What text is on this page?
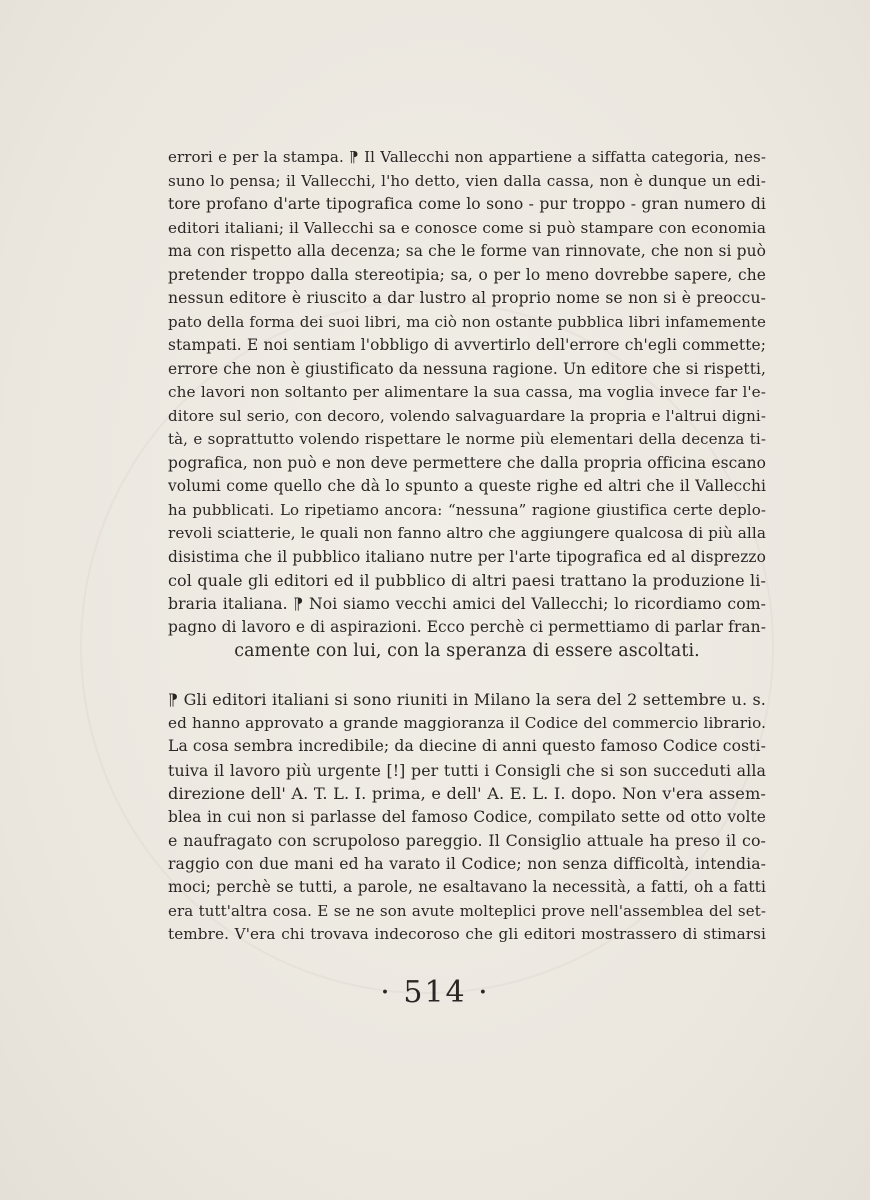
errori e per la stampa. ⁋ Il Vallecchi non appartiene a siffatta categoria, nes-
suno lo pensa; il Vallecchi, l'ho detto, vien dalla cassa, non è dunque un edi-
tore profano d'arte tipografica come lo sono - pur troppo - gran numero di
editori italiani; il Vallecchi sa e conosce come si può stampare con economia
ma con rispetto alla decenza; sa che le forme van rinnovate, che non si può
pretender troppo dalla stereotipia; sa, o per lo meno dovrebbe sapere, che
nessun editore è riuscito a dar lustro al proprio nome se non si è preoccu-
pato della forma dei suoi libri, ma ciò non ostante pubblica libri infamemente
stampati. E noi sentiam l'obbligo di avvertirlo dell'errore ch'egli commette;
errore che non è giustificato da nessuna ragione. Un editore che si rispetti,
che lavori non soltanto per alimentare la sua cassa, ma voglia invece far l'e-
ditore sul serio, con decoro, volendo salvaguardare la propria e l'altrui digni-
tà, e soprattutto volendo rispettare le norme più elementari della decenza ti-
pografica, non può e non deve permettere che dalla propria officina escano
volumi come quello che dà lo spunto a queste righe ed altri che il Vallecchi
ha pubblicati. Lo ripetiamo ancora: “nessuna” ragione giustifica certe deplo-
revoli sciatterie, le quali non fanno altro che aggiungere qualcosa di più alla
disistima che il pubblico italiano nutre per l'arte tipografica ed al disprezzo
col quale gli editori ed il pubblico di altri paesi trattano la produzione li-
braria italiana. ⁋ Noi siamo vecchi amici del Vallecchi; lo ricordiamo com-
pagno di lavoro e di aspirazioni. Ecco perchè ci permettiamo di parlar fran-
camente con lui, con la speranza di essere ascoltati.
⁋ Gli editori italiani si sono riuniti in Milano la sera del 2 settembre u. s.
ed hanno approvato a grande maggioranza il Codice del commercio librario.
La cosa sembra incredibile; da diecine di anni questo famoso Codice costi-
tuiva il lavoro più urgente [!] per tutti i Consigli che si son succeduti alla
direzione dell' A. T. L. I. prima, e dell' A. E. L. I. dopo. Non v'era assem-
blea in cui non si parlasse del famoso Codice, compilato sette od otto volte
e naufragato con scrupoloso pareggio. Il Consiglio attuale ha preso il co-
raggio con due mani ed ha varato il Codice; non senza difficoltà, intendia-
moci; perchè se tutti, a parole, ne esaltavano la necessità, a fatti, oh a fatti
era tutt'altra cosa. E se ne son avute molteplici prove nell'assemblea del set-
tembre. V'era chi trovava indecoroso che gli editori mostrassero di stimarsi
· 514 ·
